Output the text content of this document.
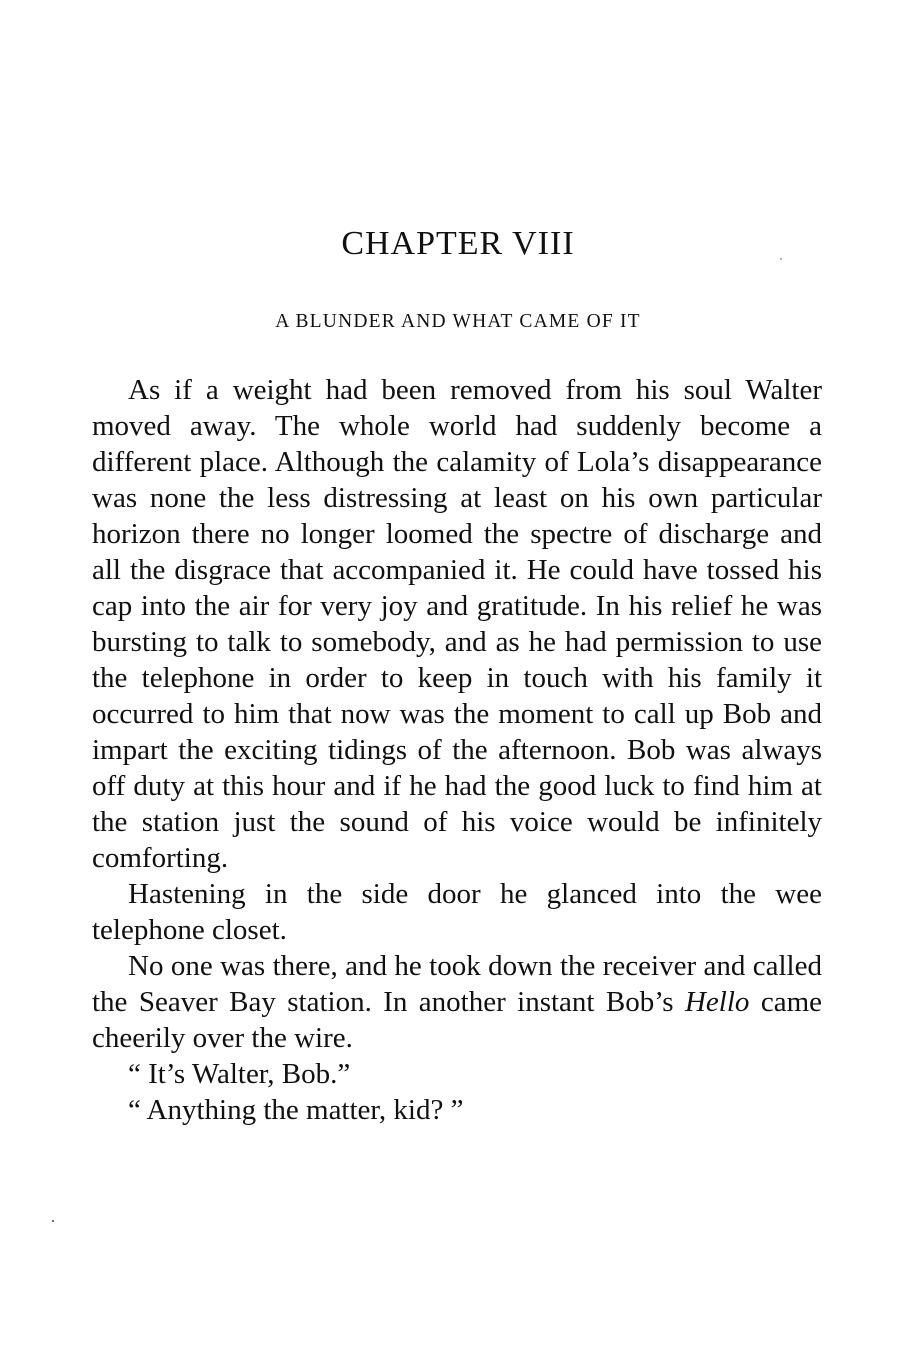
CHAPTER VIII
A BLUNDER AND WHAT CAME OF IT

As if a weight had been removed from his soul Walter moved away. The whole world had suddenly become a different place. Although the calamity of Lola’s disappearance was none the less distressing at least on his own particular horizon there no longer loomed the spectre of discharge and all the disgrace that accompanied it. He could have tossed his cap into the air for very joy and gratitude. In his relief he was bursting to talk to somebody, and as he had permission to use the telephone in order to keep in touch with his family it occurred to him that now was the moment to call up Bob and impart the exciting tidings of the afternoon. Bob was always off duty at this hour and if he had the good luck to find him at the station just the sound of his voice would be infinitely comforting.

Hastening in the side door he glanced into the wee telephone closet.

No one was there, and he took down the receiver and called the Seaver Bay station. In another instant Bob’s Hello came cheerily over the wire.

“ It’s Walter, Bob.”

“ Anything the matter, kid? ”
